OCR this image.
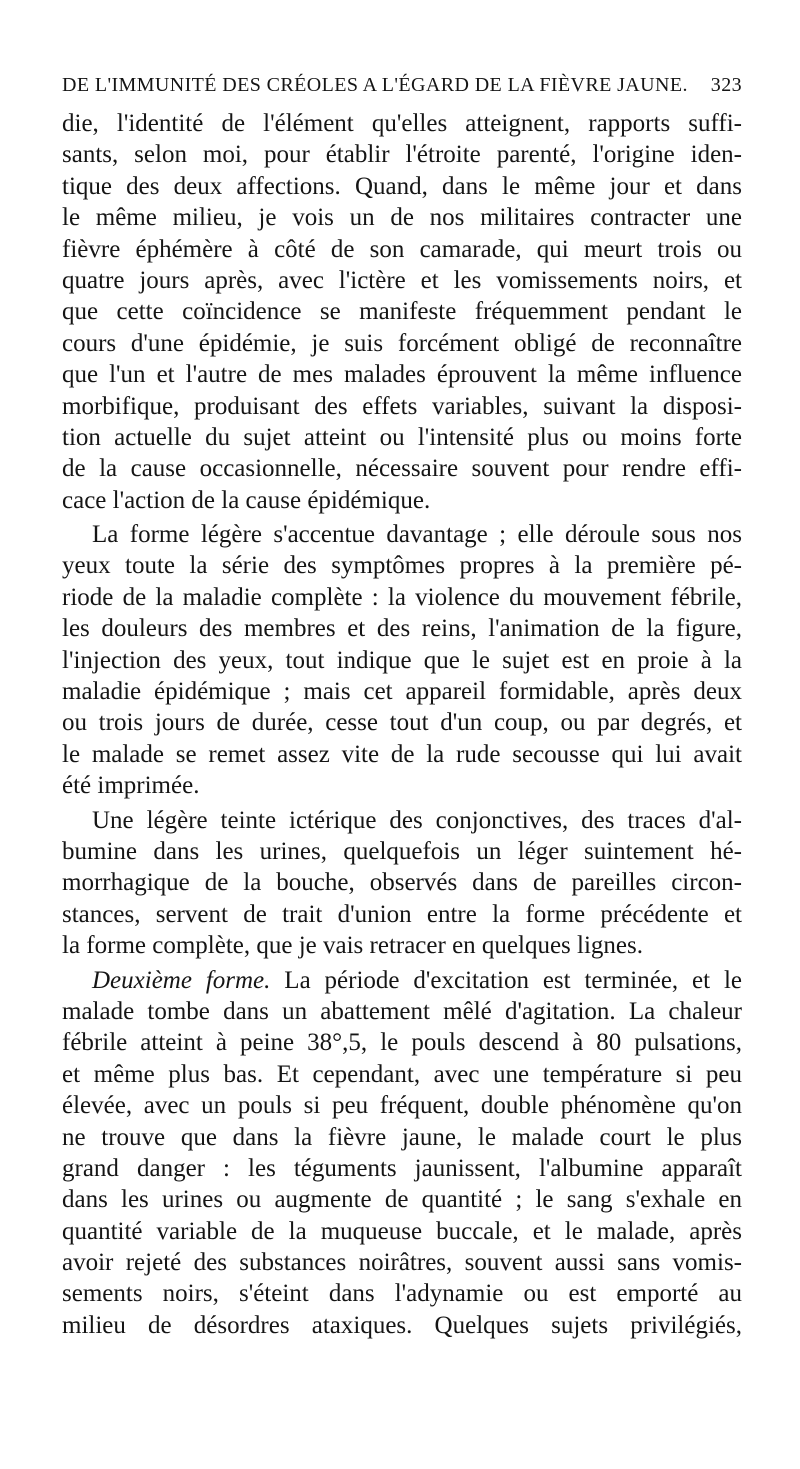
DE L'IMMUNITÉ DES CRÉOLES A L'ÉGARD DE LA FIÈVRE JAUNE. 323
die, l'identité de l'élément qu'elles atteignent, rapports suffi-
sants, selon moi, pour établir l'étroite parenté, l'origine iden-
tique des deux affections. Quand, dans le même jour et dans
le même milieu, je vois un de nos militaires contracter une
fièvre éphémère à côté de son camarade, qui meurt trois ou
quatre jours après, avec l'ictère et les vomissements noirs, et
que cette coïncidence se manifeste fréquemment pendant le
cours d'une épidémie, je suis forcément obligé de reconnaître
que l'un et l'autre de mes malades éprouvent la même influence
morbifique, produisant des effets variables, suivant la disposi-
tion actuelle du sujet atteint ou l'intensité plus ou moins forte
de la cause occasionnelle, nécessaire souvent pour rendre effi-
cace l'action de la cause épidémique.
La forme légère s'accentue davantage ; elle déroule sous nos
yeux toute la série des symptômes propres à la première pé-
riode de la maladie complète : la violence du mouvement fébrile,
les douleurs des membres et des reins, l'animation de la figure,
l'injection des yeux, tout indique que le sujet est en proie à la
maladie épidémique ; mais cet appareil formidable, après deux
ou trois jours de durée, cesse tout d'un coup, ou par degrés, et
le malade se remet assez vite de la rude secousse qui lui avait
été imprimée.
Une légère teinte ictérique des conjonctives, des traces d'al-
bumine dans les urines, quelquefois un léger suintement hé-
morrhagique de la bouche, observés dans de pareilles circon-
stances, servent de trait d'union entre la forme précédente et
la forme complète, que je vais retracer en quelques lignes.
Deuxième forme. La période d'excitation est terminée, et le
malade tombe dans un abattement mêlé d'agitation. La chaleur
fébrile atteint à peine 38°,5, le pouls descend à 80 pulsations,
et même plus bas. Et cependant, avec une température si peu
élevée, avec un pouls si peu fréquent, double phénomène qu'on
ne trouve que dans la fièvre jaune, le malade court le plus
grand danger : les téguments jaunissent, l'albumine apparaît
dans les urines ou augmente de quantité ; le sang s'exhale en
quantité variable de la muqueuse buccale, et le malade, après
avoir rejeté des substances noirâtres, souvent aussi sans vomis-
sements noirs, s'éteint dans l'adynamie ou est emporté au
milieu de désordres ataxiques. Quelques sujets privilégiés,
